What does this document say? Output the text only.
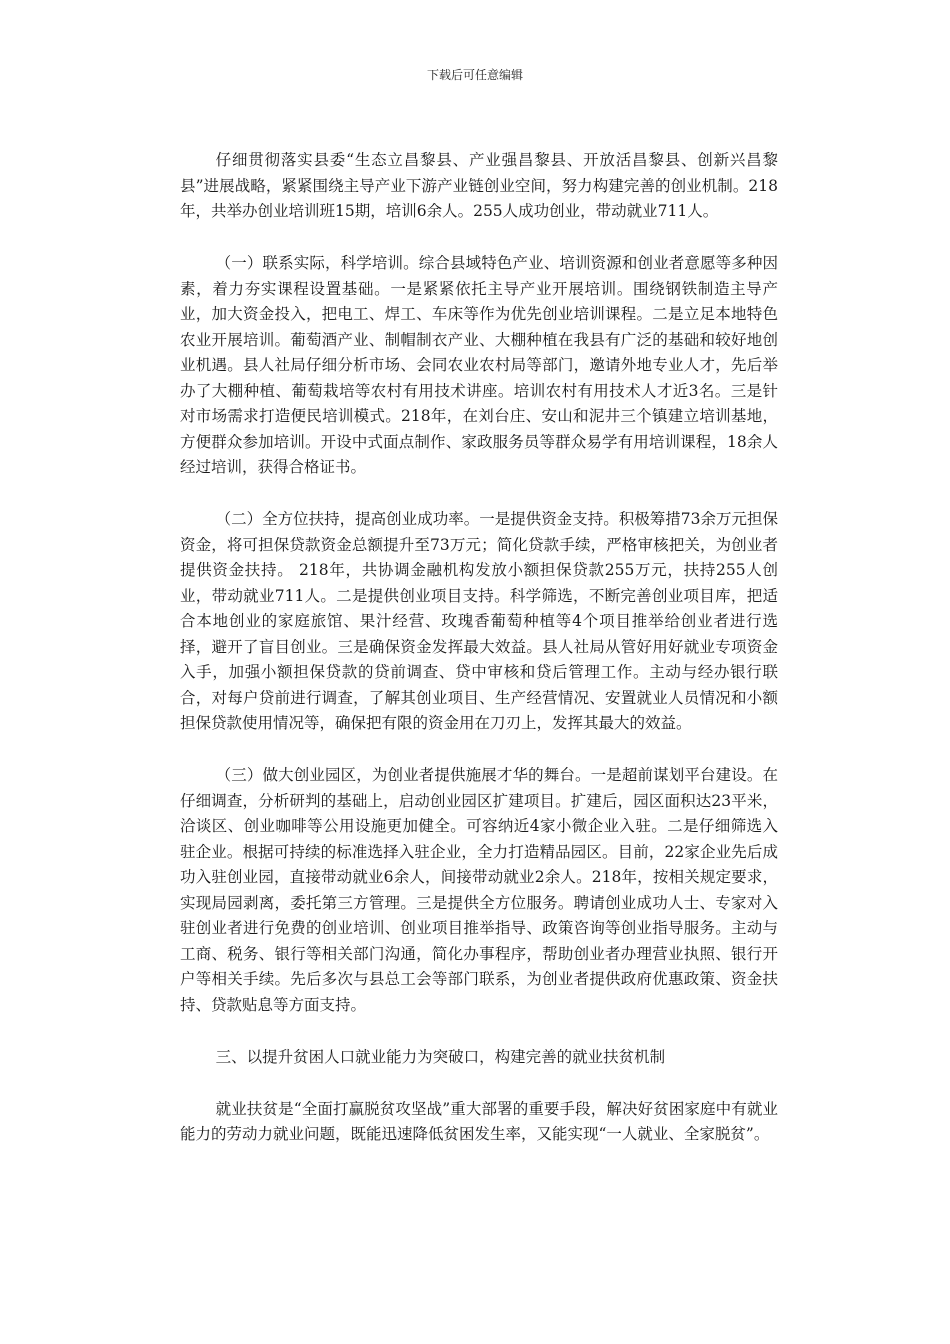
下载后可任意编辑

仔细贯彻落实县委“生态立昌黎县、产业强昌黎县、开放活昌黎县、创新兴昌黎县”进展战略，紧紧围绕主导产业下游产业链创业空间，努力构建完善的创业机制。218年，共举办创业培训班15期，培训6余人。255人成功创业，带动就业711人。

（一）联系实际，科学培训。综合县域特色产业、培训资源和创业者意愿等多种因素，着力夯实课程设置基础。一是紧紧依托主导产业开展培训。围绕钢铁制造主导产业，加大资金投入，把电工、焊工、车床等作为优先创业培训课程。二是立足本地特色农业开展培训。葡萄酒产业、制帽制衣产业、大棚种植在我县有广泛的基础和较好地创业机遇。县人社局仔细分析市场、会同农业农村局等部门，邀请外地专业人才，先后举办了大棚种植、葡萄栽培等农村有用技术讲座。培训农村有用技术人才近3名。三是针对市场需求打造便民培训模式。218年，在刘台庄、安山和泥井三个镇建立培训基地，方便群众参加培训。开设中式面点制作、家政服务员等群众易学有用培训课程，18余人经过培训，获得合格证书。

（二）全方位扶持，提高创业成功率。一是提供资金支持。积极筹措73余万元担保资金，将可担保贷款资金总额提升至73万元；简化贷款手续，严格审核把关，为创业者提供资金扶持。 218年，共协调金融机构发放小额担保贷款255万元，扶持255人创业，带动就业711人。二是提供创业项目支持。科学筛选，不断完善创业项目库，把适合本地创业的家庭旅馆、果汁经营、玫瑰香葡萄种植等4个项目推举给创业者进行选择，避开了盲目创业。三是确保资金发挥最大效益。县人社局从管好用好就业专项资金入手，加强小额担保贷款的贷前调查、贷中审核和贷后管理工作。主动与经办银行联合，对每户贷前进行调查，了解其创业项目、生产经营情况、安置就业人员情况和小额担保贷款使用情况等，确保把有限的资金用在刀刃上，发挥其最大的效益。

（三）做大创业园区，为创业者提供施展才华的舞台。一是超前谋划平台建设。在仔细调查，分析研判的基础上，启动创业园区扩建项目。扩建后，园区面积达23平米，洽谈区、创业咖啡等公用设施更加健全。可容纳近4家小微企业入驻。二是仔细筛选入驻企业。根据可持续的标准选择入驻企业，全力打造精品园区。目前，22家企业先后成功入驻创业园，直接带动就业6余人，间接带动就业2余人。218年，按相关规定要求，实现局园剥离，委托第三方管理。三是提供全方位服务。聘请创业成功人士、专家对入驻创业者进行免费的创业培训、创业项目推举指导、政策咨询等创业指导服务。主动与工商、税务、银行等相关部门沟通，简化办事程序，帮助创业者办理营业执照、银行开户等相关手续。先后多次与县总工会等部门联系，为创业者提供政府优惠政策、资金扶持、贷款贴息等方面支持。

三、以提升贫困人口就业能力为突破口，构建完善的就业扶贫机制

就业扶贫是“全面打赢脱贫攻坚战”重大部署的重要手段，解决好贫困家庭中有就业能力的劳动力就业问题，既能迅速降低贫困发生率，又能实现“一人就业、全家脱贫”。
